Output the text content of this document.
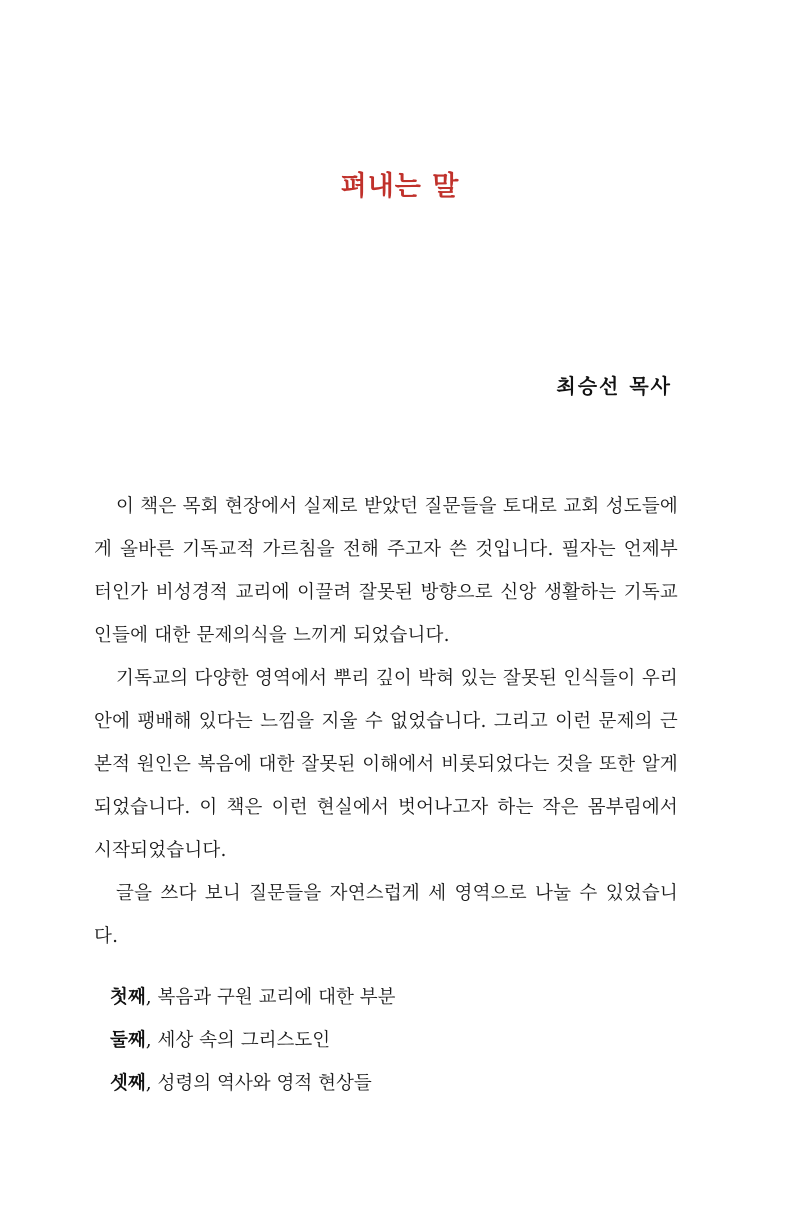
펴내는 말
최승선 목사

이 책은 목회 현장에서 실제로 받았던 질문들을 토대로 교회 성도들에게 올바른 기독교적 가르침을 전해 주고자 쓴 것입니다. 필자는 언제부터인가 비성경적 교리에 이끌려 잘못된 방향으로 신앙 생활하는 기독교인들에 대한 문제의식을 느끼게 되었습니다.

기독교의 다양한 영역에서 뿌리 깊이 박혀 있는 잘못된 인식들이 우리 안에 팽배해 있다는 느낌을 지울 수 없었습니다. 그리고 이런 문제의 근본적 원인은 복음에 대한 잘못된 이해에서 비롯되었다는 것을 또한 알게 되었습니다. 이 책은 이런 현실에서 벗어나고자 하는 작은 몸부림에서 시작되었습니다.

글을 쓰다 보니 질문들을 자연스럽게 세 영역으로 나눌 수 있었습니다.

첫째, 복음과 구원 교리에 대한 부분
둘째, 세상 속의 그리스도인
셋째, 성령의 역사와 영적 현상들
